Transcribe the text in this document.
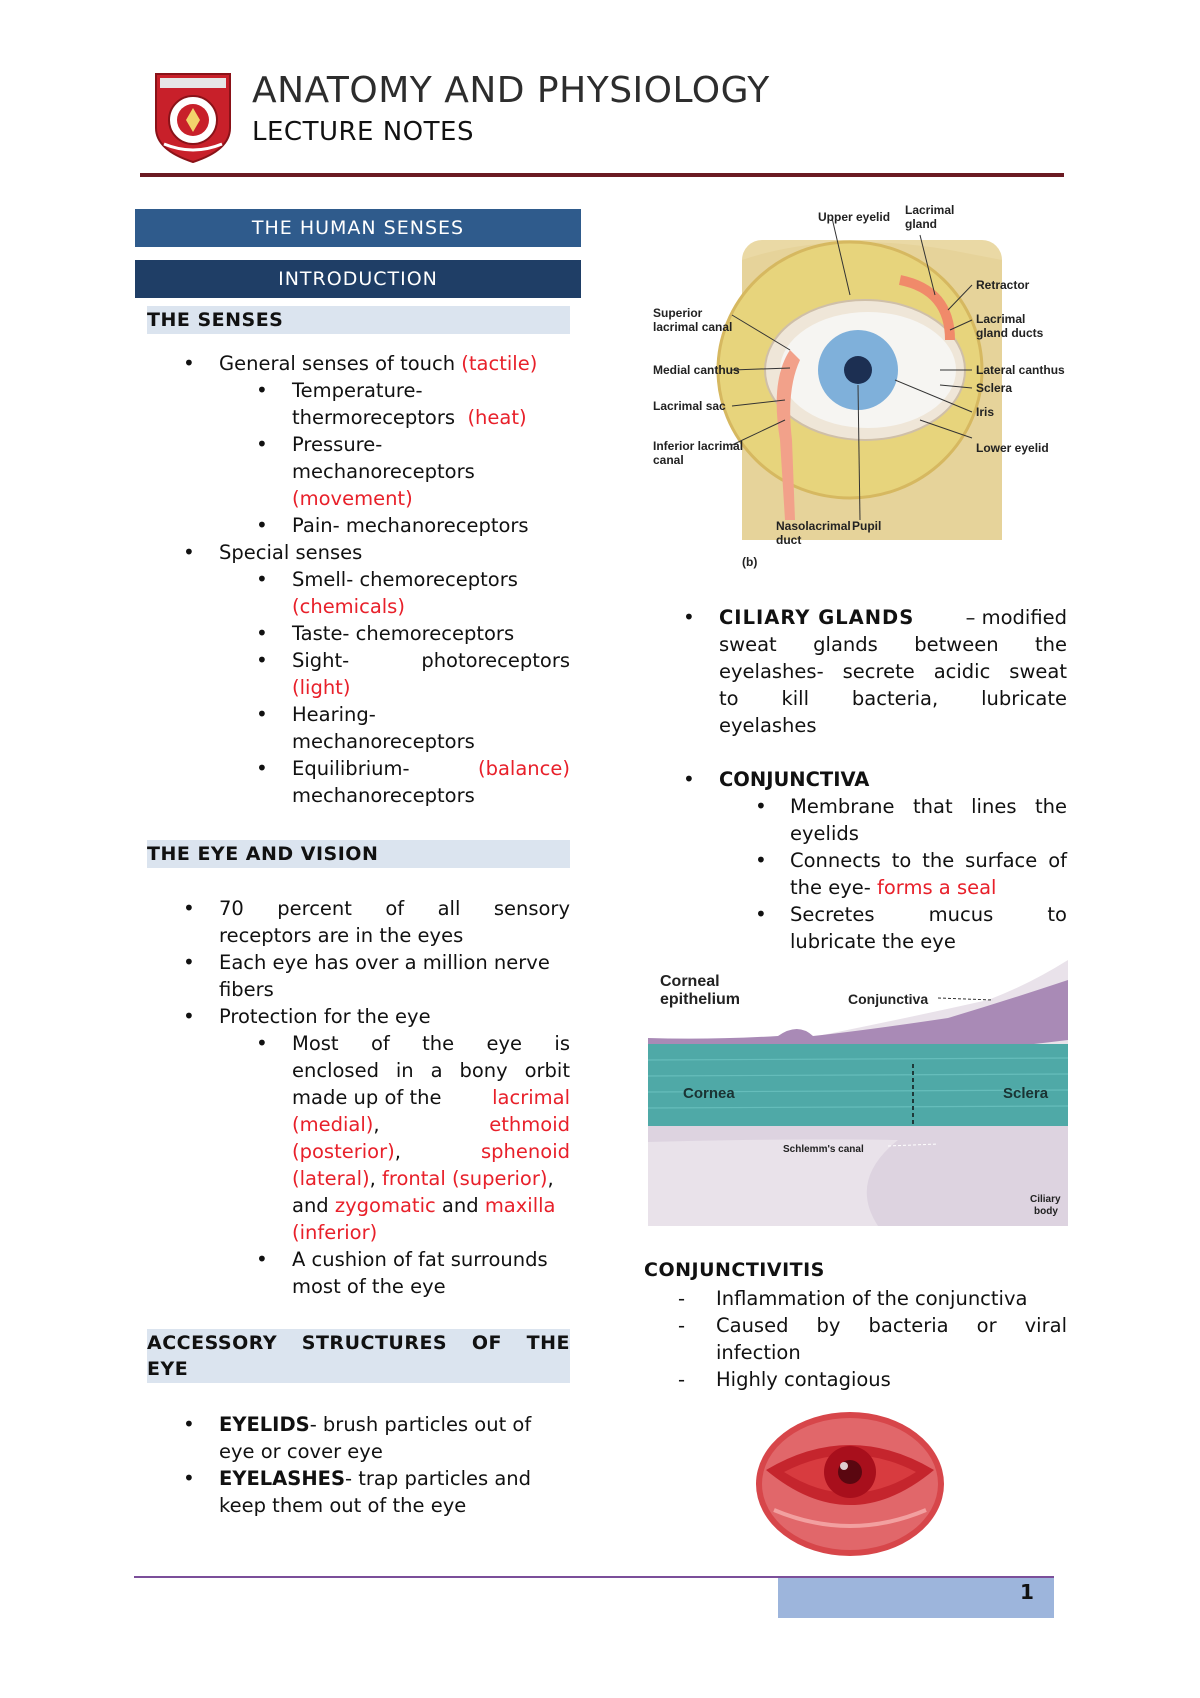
ANATOMY AND PHYSIOLOGY
LECTURE NOTES
THE HUMAN SENSES
INTRODUCTION
THE SENSES
• General senses of touch (tactile)
• Temperature-
thermoreceptors (heat)
• Pressure-
mechanoreceptors
(movement)
• Pain- mechanoreceptors
• Special senses
• Smell- chemoreceptors
(chemicals)
• Taste- chemoreceptors
• Sight-	photoreceptors
(light)
• Hearing-
mechanoreceptors
• Equilibrium-	(balance)
mechanoreceptors
THE EYE AND VISION
• 70 percent of all sensory
receptors are in the eyes
• Each eye has over a million nerve
fibers
• Protection for the eye
• Most of the eye is
enclosed in a bony orbit
made up of the	lacrimal
(medial),	ethmoid
(posterior),	sphenoid
(lateral), frontal (superior),
and zygomatic and maxilla
(inferior)
• A cushion of fat surrounds
most of the eye
ACCESSORY STRUCTURES OF THE
EYE
• EYELIDS- brush particles out of
eye or cover eye
• EYELASHES- trap particles and
keep them out of the eye
Upper eyelid Lacrimal
gland
Retractor
Lacrimal
gland ducts
Lateral canthus
Sclera
Iris
Lower eyelid
Superior
lacrimal canal
Medial canthus
Lacrimal sac
Inferior lacrimal
canal
Nasolacrimal
duct
Pupil
(b)
• CILIARY GLANDS	– modified
sweat glands between the
eyelashes- secrete acidic sweat
to kill bacteria, lubricate
eyelashes
• CONJUNCTIVA
• Membrane that lines the
eyelids
• Connects to the surface of
the eye- forms a seal
• Secretes mucus to
lubricate the eye
Corneal
epithelium	Conjunctiva
Cornea	Sclera
Schlemm's canal
Ciliary
body
CONJUNCTIVITIS
- Inflammation of the conjunctiva
- Caused by bacteria or viral
infection
- Highly contagious
1
